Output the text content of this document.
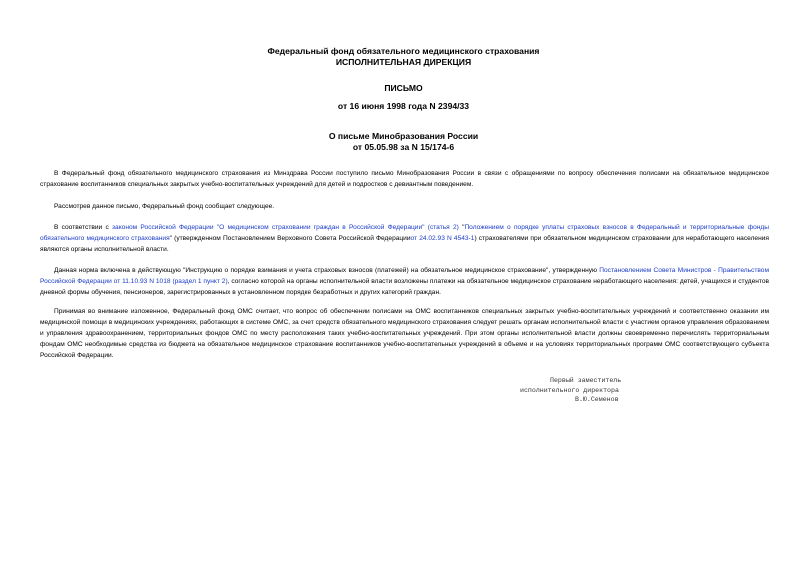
Федеральный фонд обязательного медицинского страхования
ИСПОЛНИТЕЛЬНАЯ ДИРЕКЦИЯ
ПИСЬМО
от 16 июня 1998 года N 2394/33
О письме Минобразования России
от 05.05.98 за N 15/174-6

В Федеральный фонд обязательного медицинского страхования из Минздрава России поступило письмо Минобразования России в связи с обращениями по вопросу обеспечения полисами на обязательное медицинское страхование воспитанников специальных закрытых учебно-воспитательных учреждений для детей и подростков с девиантным поведением.

Рассмотрев данное письмо, Федеральный фонд сообщает следующее.

В соответствии с законом Российской Федерации "О медицинском страховании граждан в Российской Федерации" (статья 2) "Положением о порядке уплаты страховых взносов в Федеральный и территориальные фонды обязательного медицинского страхования" (утвержденном Постановлением Верховного Совета Российской Федерацииот 24.02.93 N 4543-1) страхователями при обязательном медицинском страховании для неработающего населения являются органы исполнительной власти.

Данная норма включена в действующую "Инструкцию о порядке взимания и учета страховых взносов (платежей) на обязательное медицинское страхование", утвержденную Постановлением Совета Министров - Правительством Российской Федерации от 11.10.93 N 1018 (раздел 1 пункт 2), согласно которой на органы исполнительной власти возложены платежи на обязательное медицинское страхование неработающего населения: детей, учащихся и студентов дневной формы обучения, пенсионеров, зарегистрированных в установленном порядке безработных и других категорий граждан.

Принимая во внимание изложенное, Федеральный фонд ОМС считает, что вопрос об обеспечении полисами на ОМС воспитанников специальных закрытых учебно-воспитательных учреждений и соответственно оказании им медицинской помощи в медицинских учреждениях, работающих в системе ОМС, за счет средств обязательного медицинского страхования следует решать органам исполнительной власти с участием органов управления образованием и управления здравоохранением, территориальных фондов ОМС по месту расположения таких учебно-воспитательных учреждений. При этом органы исполнительной власти должны своевременно перечислять территориальным фондам ОМС необходимые средства из бюджета на обязательное медицинское страхование воспитанников учебно-воспитательных учреждений в объеме и на условиях территориальных программ ОМС соответствующего субъекта Российской Федерации.

Первый заместитель
исполнительного директора
В.Ю.Семенов
